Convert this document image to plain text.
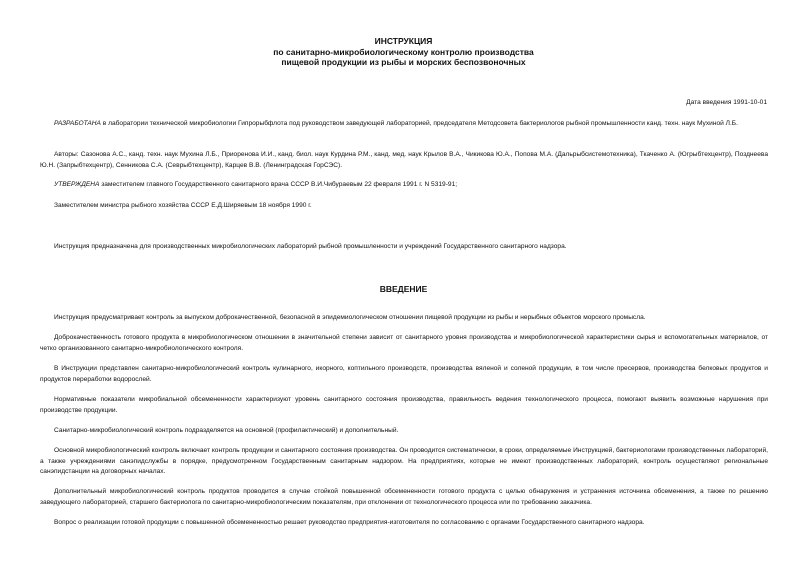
ИНСТРУКЦИЯ
по санитарно-микробиологическому контролю производства
пищевой продукции из рыбы и морских беспозвоночных
Дата введения 1991-10-01
РАЗРАБОТАНА в лаборатории технической микробиологии Гипрорыбфлота под руководством заведующей лабораторией, председателя Методсовета бактериологов рыбной промышленности канд. техн. наук Мухиной Л.Б.
Авторы: Сазонова А.С., канд. техн. наук Мухина Л.Б., Приоренова И.И., канд. биол. наук Курдина Р.М., канд. мед. наук Крылов В.А., Чикикова Ю.А., Попова М.А. (Дальрыбсистемотехника), Ткаченко А. (Югрыбтехцентр), Позднеева Ю.Н. (Запрыбтехцентр), Сенникова С.А. (Севрыбтехцентр), Карцев В.В. (Ленинградская ГорСЭС).
УТВЕРЖДЕНА заместителем главного Государственного санитарного врача СССР В.И.Чибураевым 22 февраля 1991 г. N 5319-91;
Заместителем министра рыбного хозяйства СССР Е.Д.Ширяевым 18 ноября 1990 г.
Инструкция предназначена для производственных микробиологических лабораторий рыбной промышленности и учреждений Государственного санитарного надзора.
ВВЕДЕНИЕ
Инструкция предусматривает контроль за выпуском доброкачественной, безопасной в эпидемиологическом отношении пищевой продукции из рыбы и нерыбных объектов морского промысла.
Доброкачественность готового продукта в микробиологическом отношении в значительной степени зависит от санитарного уровня производства и микробиологической характеристики сырья и вспомогательных материалов, от четко организованного санитарно-микробиологического контроля.
В Инструкции представлен санитарно-микробиологический контроль кулинарного, икорного, коптильного производств, производства вяленой и соленой продукции, в том числе пресервов, производства белковых продуктов и продуктов переработки водорослей.
Нормативные показатели микробиальной обсемененности характеризуют уровень санитарного состояния производства, правильность ведения технологического процесса, помогают выявить возможные нарушения при производстве продукции.
Санитарно-микробиологический контроль подразделяется на основной (профилактический) и дополнительный.
Основной микробиологический контроль включает контроль продукции и санитарного состояния производства. Он проводится систематически, в сроки, определяемые Инструкцией, бактериологами производственных лабораторий, а также учреждениями санэпидслужбы в порядке, предусмотренном Государственным санитарным надзором. На предприятиях, которые не имеют производственных лабораторий, контроль осуществляют региональные санэпидстанции на договорных началах.
Дополнительный микробиологический контроль продуктов проводится в случае стойкой повышенной обсемененности готового продукта с целью обнаружения и устранения источника обсеменения, а также по решению заведующего лабораторией, старшего бактериолога по санитарно-микробиологическим показателям, при отклонении от технологического процесса или по требованию заказчика.
Вопрос о реализации готовой продукции с повышенной обсемененностью решает руководство предприятия-изготовителя по согласованию с органами Государственного санитарного надзора.
